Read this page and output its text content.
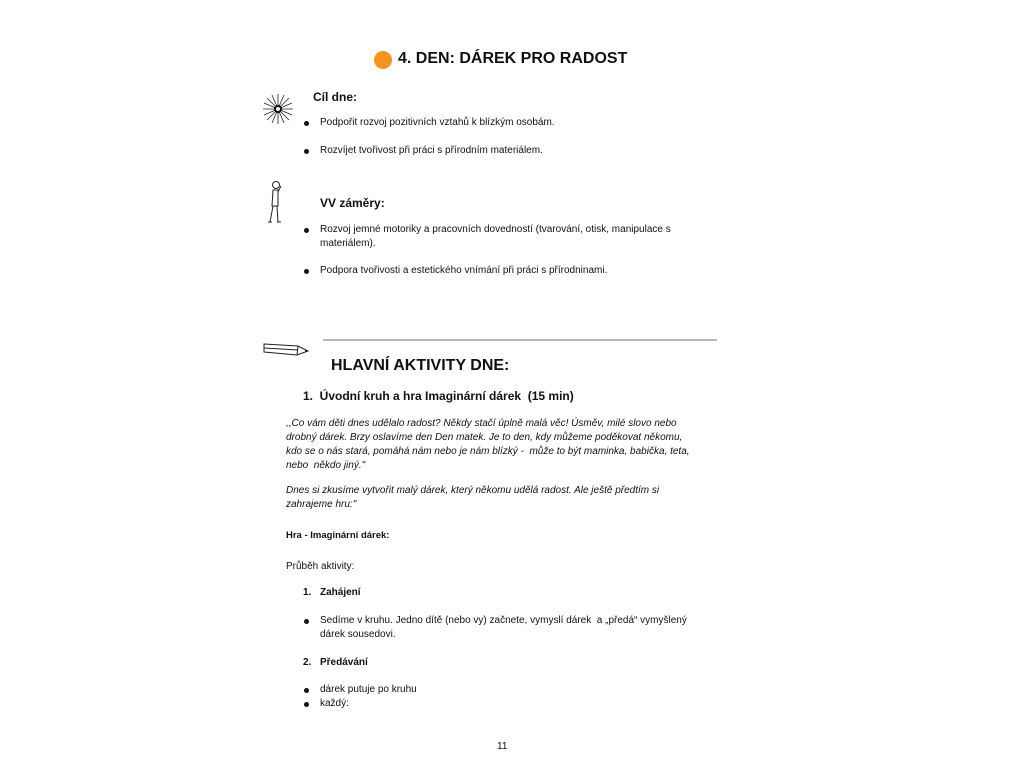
4. DEN: DÁREK PRO RADOST
Cíl dne:
Podpořit rozvoj pozitivních vztahů k blízkým osobám.
Rozvíjet tvořivost při práci s přírodním materiálem.
VV záměry:
Rozvoj jemné motoriky a pracovních dovedností (tvarování, otisk, manipulace s
materiálem).
Podpora tvořivosti a estetického vnímání při práci s přírodninami.
HLAVNÍ AKTIVITY DNE:
1.  Úvodní kruh a hra Imaginární dárek  (15 min)
,,Co vám děti dnes udělalo radost? Někdy stačí úplně malá věc! Úsměv, milé slovo nebo
drobný dárek. Brzy oslavíme den Den matek. Je to den, kdy můžeme poděkovat někomu,
kdo se o nás stará, pomáhá nám nebo je nám blízký -  může to být maminka, babička, teta,
nebo  někdo jiný."
Dnes si zkusíme vytvořit malý dárek, který někomu udělá radost. Ale ještě předtím si
zahrajeme hru:"
Hra - Imaginární dárek:
Průběh aktivity:
1. Zahájení
Sedíme v kruhu. Jedno dítě (nebo vy) začnete, vymyslí dárek  a „předá“ vymyšlený
dárek sousedovi.
2. Předávání
dárek putuje po kruhu
každý:
11
